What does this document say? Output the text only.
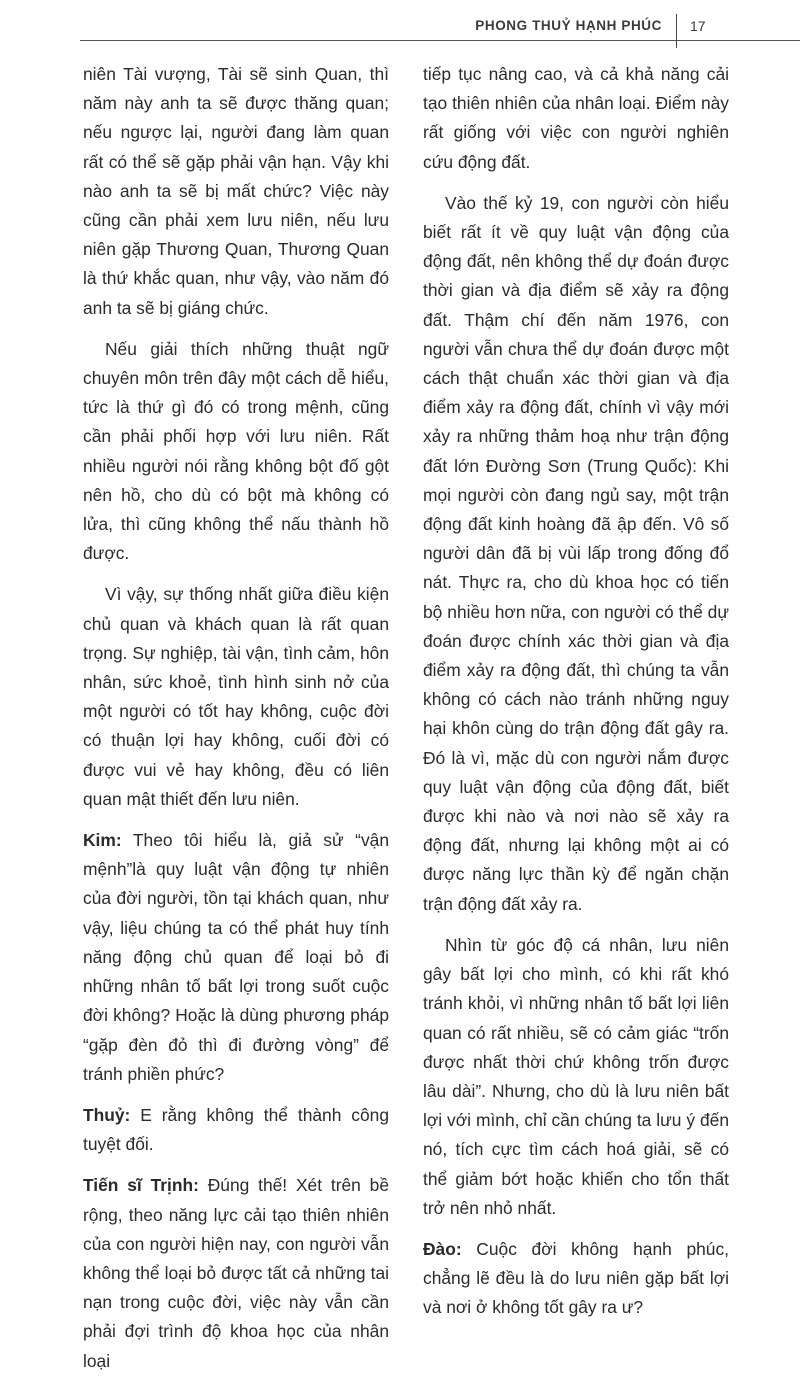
PHONG THUỶ HẠNH PHÚC 17

niên Tài vượng, Tài sẽ sinh Quan, thì năm này anh ta sẽ được thăng quan; nếu ngược lại, người đang làm quan rất có thể sẽ gặp phải vận hạn. Vậy khi nào anh ta sẽ bị mất chức? Việc này cũng cần phải xem lưu niên, nếu lưu niên gặp Thương Quan, Thương Quan là thứ khắc quan, như vậy, vào năm đó anh ta sẽ bị giáng chức.

Nếu giải thích những thuật ngữ chuyên môn trên đây một cách dễ hiểu, tức là thứ gì đó có trong mệnh, cũng cần phải phối hợp với lưu niên. Rất nhiều người nói rằng không bột đố gột nên hồ, cho dù có bột mà không có lửa, thì cũng không thể nấu thành hồ được.

Vì vậy, sự thống nhất giữa điều kiện chủ quan và khách quan là rất quan trọng. Sự nghiệp, tài vận, tình cảm, hôn nhân, sức khoẻ, tình hình sinh nở của một người có tốt hay không, cuộc đời có thuận lợi hay không, cuối đời có được vui vẻ hay không, đều có liên quan mật thiết đến lưu niên.

Kim: Theo tôi hiểu là, giả sử “vận mệnh”là quy luật vận động tự nhiên của đời người, tồn tại khách quan, như vậy, liệu chúng ta có thể phát huy tính năng động chủ quan để loại bỏ đi những nhân tố bất lợi trong suốt cuộc đời không? Hoặc là dùng phương pháp “gặp đèn đỏ thì đi đường vòng” để tránh phiền phức?

Thuỷ: E rằng không thể thành công tuyệt đối.

Tiến sĩ Trịnh: Đúng thế! Xét trên bề rộng, theo năng lực cải tạo thiên nhiên của con người hiện nay, con người vẫn không thể loại bỏ được tất cả những tai nạn trong cuộc đời, việc này vẫn cần phải đợi trình độ khoa học của nhân loại

tiếp tục nâng cao, và cả khả năng cải tạo thiên nhiên của nhân loại. Điểm này rất giống với việc con người nghiên cứu động đất.

Vào thế kỷ 19, con người còn hiểu biết rất ít về quy luật vận động của động đất, nên không thể dự đoán được thời gian và địa điểm sẽ xảy ra động đất. Thậm chí đến năm 1976, con người vẫn chưa thể dự đoán được một cách thật chuẩn xác thời gian và địa điểm xảy ra động đất, chính vì vậy mới xảy ra những thảm hoạ như trận động đất lớn Đường Sơn (Trung Quốc): Khi mọi người còn đang ngủ say, một trận động đất kinh hoàng đã ập đến. Vô số người dân đã bị vùi lấp trong đống đổ nát. Thực ra, cho dù khoa học có tiến bộ nhiều hơn nữa, con người có thể dự đoán được chính xác thời gian và địa điểm xảy ra động đất, thì chúng ta vẫn không có cách nào tránh những nguy hại khôn cùng do trận động đất gây ra. Đó là vì, mặc dù con người nắm được quy luật vận động của động đất, biết được khi nào và nơi nào sẽ xảy ra động đất, nhưng lại không một ai có được năng lực thần kỳ để ngăn chặn trận động đất xảy ra.

Nhìn từ góc độ cá nhân, lưu niên gây bất lợi cho mình, có khi rất khó tránh khỏi, vì những nhân tố bất lợi liên quan có rất nhiều, sẽ có cảm giác “trốn được nhất thời chứ không trốn được lâu dài”. Nhưng, cho dù là lưu niên bất lợi với mình, chỉ cần chúng ta lưu ý đến nó, tích cực tìm cách hoá giải, sẽ có thể giảm bớt hoặc khiến cho tổn thất trở nên nhỏ nhất.

Đào: Cuộc đời không hạnh phúc, chẳng lẽ đều là do lưu niên gặp bất lợi và nơi ở không tốt gây ra ư?
